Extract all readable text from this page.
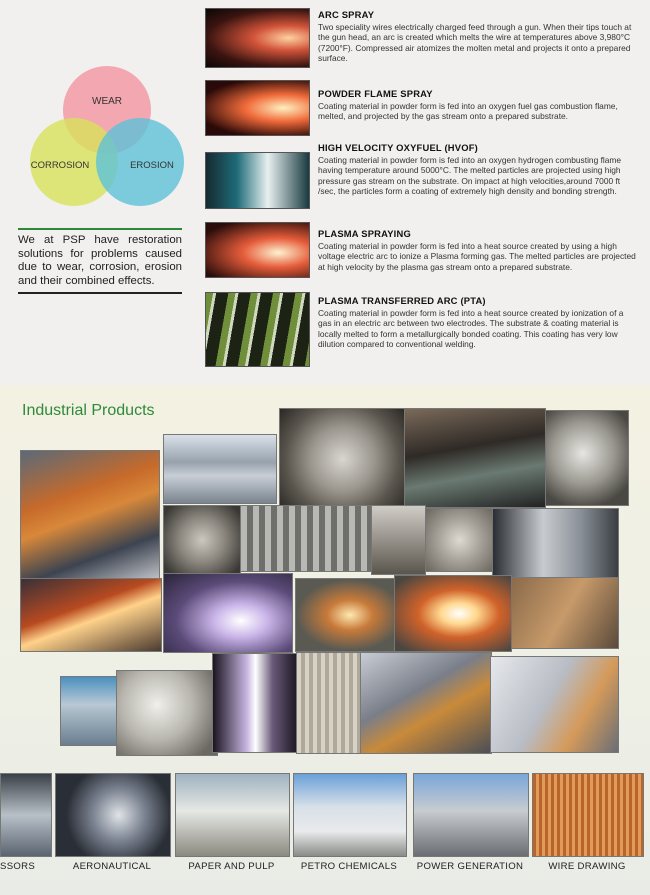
WEAR
CORROSION	EROSION
We at PSP have restoration solutions for problems caused due to wear, corrosion, erosion and their combined effects.
ARC SPRAY
Two speciality wires electrically charged feed through a gun. When their tips touch at the gun head, an arc is created which melts the wire at temperatures above 3,980°C (7200°F). Compressed air atomizes the molten metal and projects it onto a prepared surface.
POWDER FLAME SPRAY
Coating material in powder form is fed into an oxygen fuel gas combustion flame, melted, and projected by the gas stream onto a prepared substrate.
HIGH VELOCITY OXYFUEL (HVOF)
Coating material in powder form is fed into an oxygen hydrogen combusting flame having temperature around 5000°C. The melted particles are projected using high pressure gas stream on the substrate. On impact at high velocities,around 7000 ft /sec, the particles form a coating of extremely high density and bonding strength.
PLASMA SPRAYING
Coating material in powder form is fed into a heat source created by using a high voltage electric arc to ionize a Plasma forming gas. The melted particles are projected at high velocity by the plasma gas stream onto a prepared substrate.
PLASMA TRANSFERRED ARC (PTA)
Coating material in powder form is fed into a heat source created by ionization of a gas in an electric arc between two electrodes. The substrate & coating material is locally melted to form a metallurgically bonded coating. This coating has very low dilution compared to conventional welding.
Industrial Products
SSORS	AERONAUTICAL	PAPER AND PULP	PETRO CHEMICALS	POWER GENERATION	WIRE DRAWING
